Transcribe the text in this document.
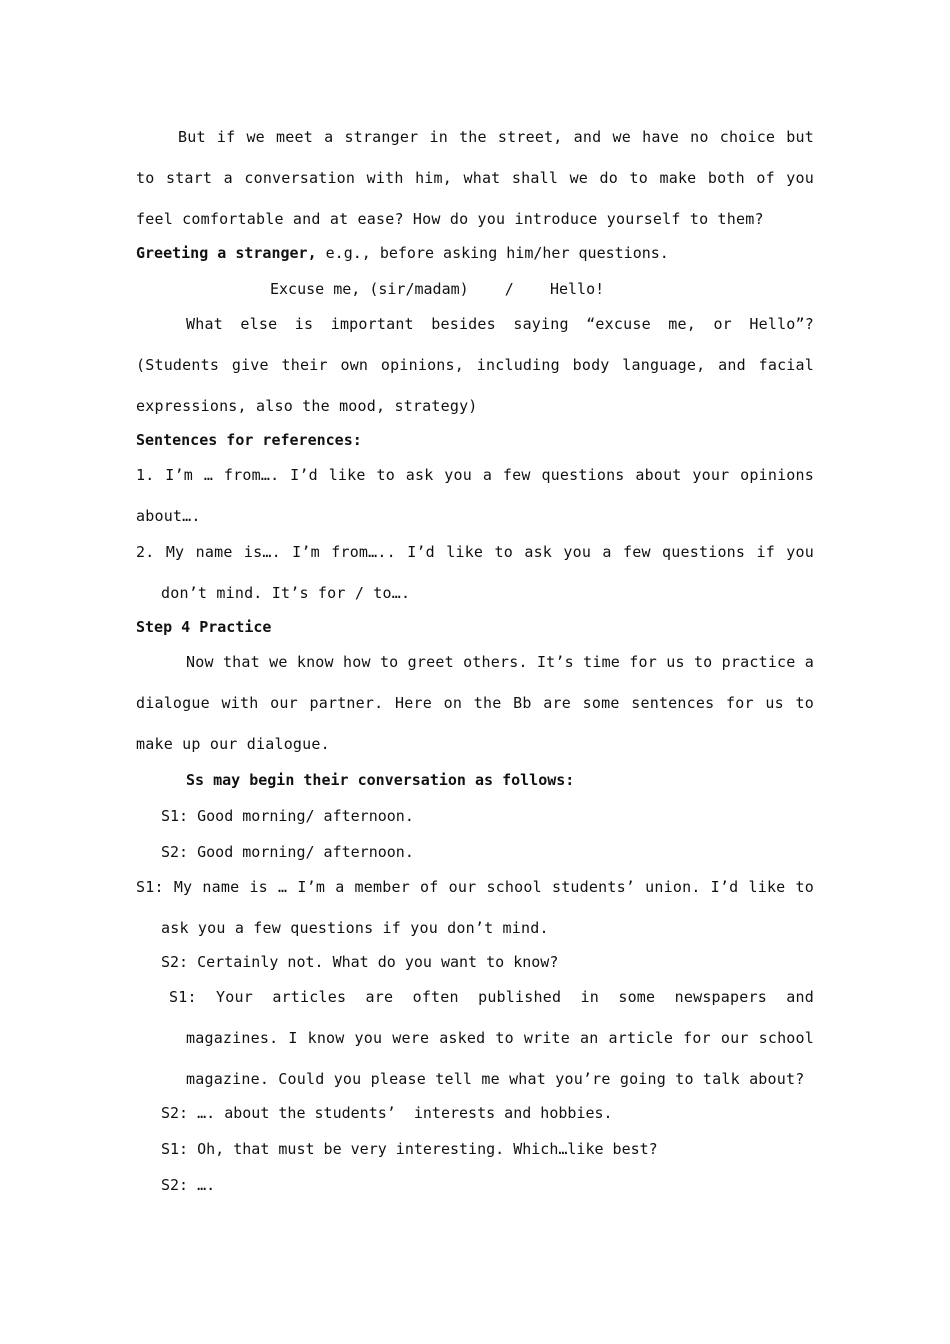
But if we meet a stranger in the street, and we have no choice but to start a conversation with him, what shall we do to make both of you feel comfortable and at ease? How do you introduce yourself to them?
Greeting a stranger, e.g., before asking him/her questions.
Excuse me, (sir/madam)    /    Hello!
What else is important besides saying “excuse me, or Hello”? (Students give their own opinions, including body language, and facial expressions, also the mood, strategy)
Sentences for references:
1. I’m … from…. I’d like to ask you a few questions about your opinions about….
2. My name is…. I’m from….. I’d like to ask you a few questions if you don’t mind. It’s for / to….
Step 4 Practice
Now that we know how to greet others. It’s time for us to practice a dialogue with our partner. Here on the Bb are some sentences for us to make up our dialogue.
Ss may begin their conversation as follows:
S1: Good morning/ afternoon.
S2: Good morning/ afternoon.
S1: My name is … I’m a member of our school students’ union. I’d like to ask you a few questions if you don’t mind.
S2: Certainly not. What do you want to know?
S1: Your articles are often published in some newspapers and magazines. I know you were asked to write an article for our school magazine. Could you please tell me what you’re going to talk about?
S2: …. about the students’  interests and hobbies.
S1: Oh, that must be very interesting. Which…like best?
S2: ….
